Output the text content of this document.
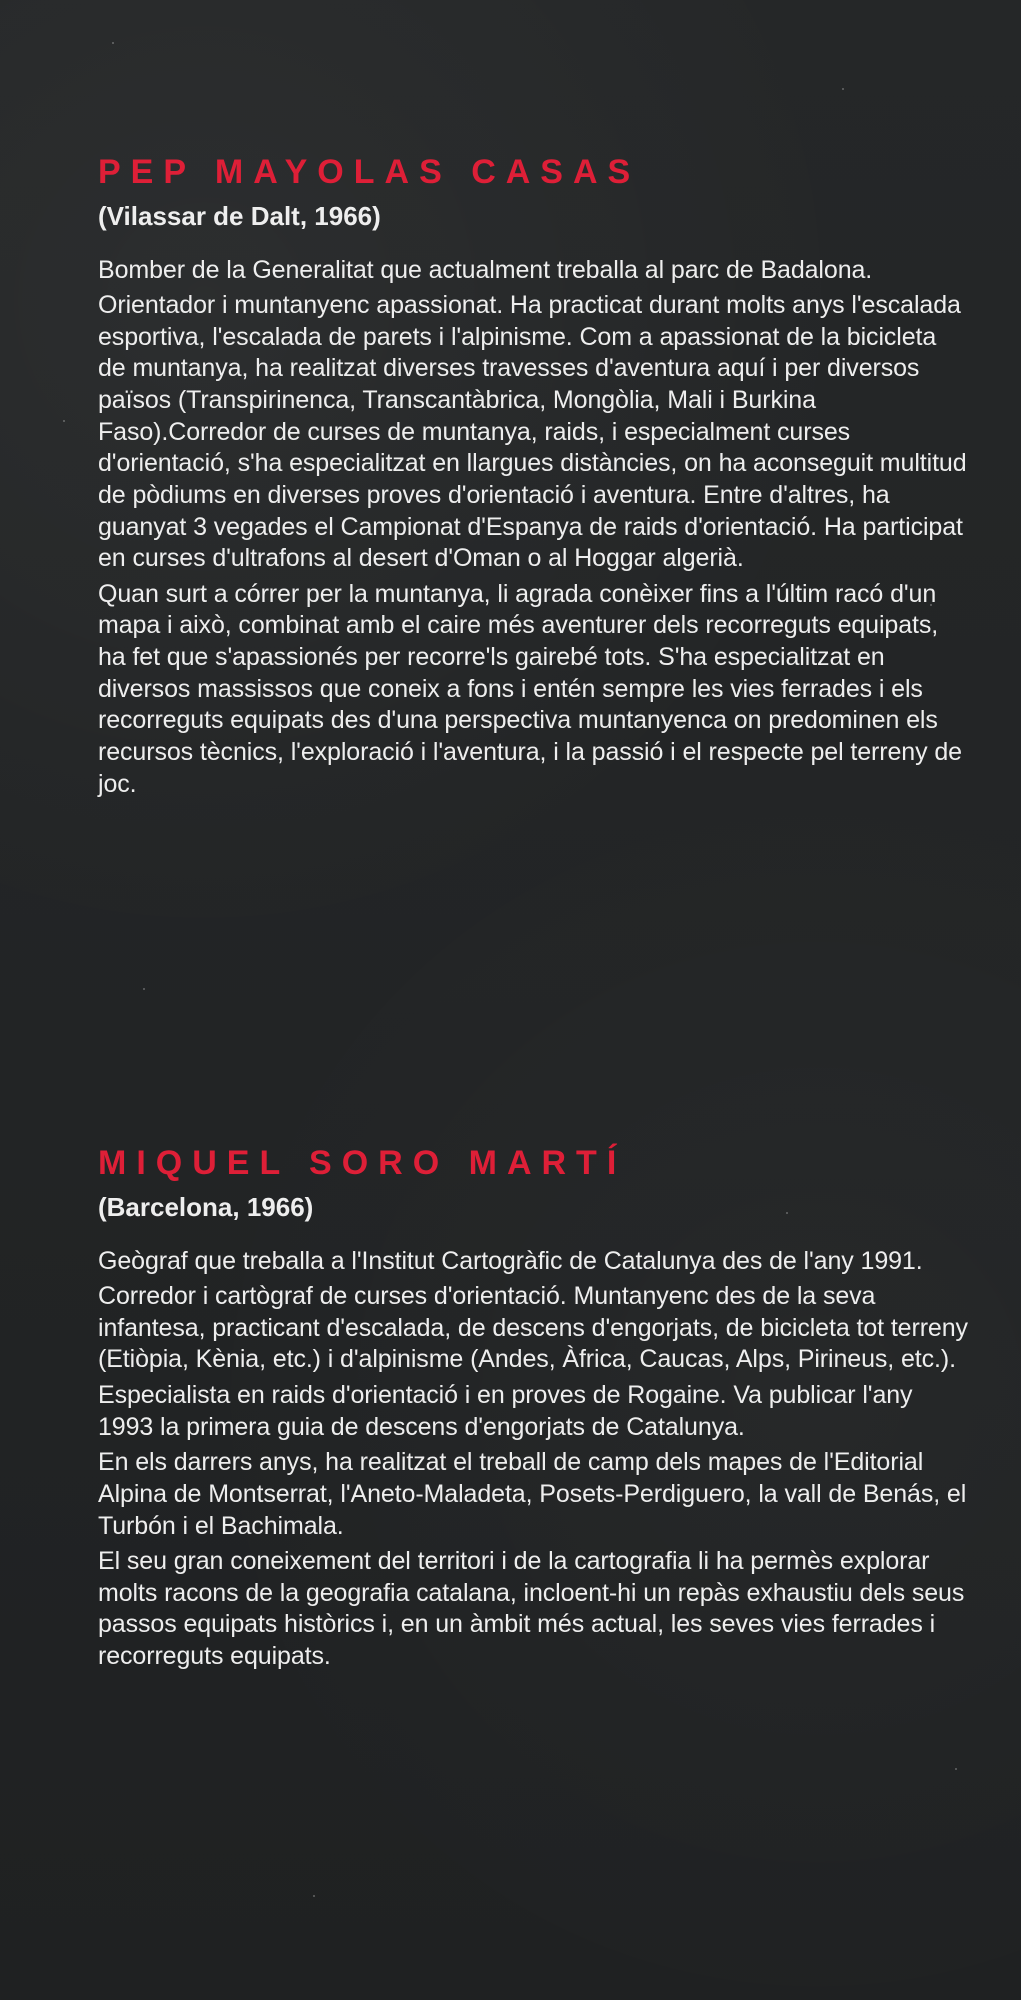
PEP MAYOLAS CASAS
(Vilassar de Dalt, 1966)

Bomber de la Generalitat que actualment treballa al parc de Badalona.

Orientador i muntanyenc apassionat. Ha practicat durant molts anys l'escalada esportiva, l'escalada de parets i l'alpinisme. Com a apassionat de la bicicleta de muntanya, ha realitzat diverses travesses d'aventura aquí i per diversos països (Transpirinenca, Transcantàbrica, Mongòlia, Mali i Burkina Faso).Corredor de curses de muntanya, raids, i especialment curses d'orientació, s'ha especialitzat en llargues distàncies, on ha aconseguit multitud de pòdiums en diverses proves d'orientació i aventura. Entre d'altres, ha guanyat 3 vegades el Campionat d'Espanya de raids d'orientació. Ha participat en curses d'ultrafons al desert d'Oman o al Hoggar algerià.

Quan surt a córrer per la muntanya, li agrada conèixer fins a l'últim racó d'un mapa i això, combinat amb el caire més aventurer dels recorreguts equipats, ha fet que s'apassionés per recorre'ls gairebé tots. S'ha especialitzat en diversos massissos que coneix a fons i entén sempre les vies ferrades i els recorreguts equipats des d'una perspectiva muntanyenca on predominen els recursos tècnics, l'exploració i l'aventura, i la passió i el respecte pel terreny de joc.

MIQUEL SORO MARTÍ
(Barcelona, 1966)

Geògraf que treballa a l'Institut Cartogràfic de Catalunya des de l'any 1991.

Corredor i cartògraf de curses d'orientació. Muntanyenc des de la seva infantesa, practicant d'escalada, de descens d'engorjats, de bicicleta tot terreny (Etiòpia, Kènia, etc.) i d'alpinisme (Andes, Àfrica, Caucas, Alps, Pirineus, etc.).

Especialista en raids d'orientació i en proves de Rogaine. Va publicar l'any 1993 la primera guia de descens d'engorjats de Catalunya.

En els darrers anys, ha realitzat el treball de camp dels mapes de l'Editorial Alpina de Montserrat, l'Aneto-Maladeta, Posets-Perdiguero, la vall de Benás, el Turbón i el Bachimala.

El seu gran coneixement del territori i de la cartografia li ha permès explorar molts racons de la geografia catalana, incloent-hi un repàs exhaustiu dels seus passos equipats històrics i, en un àmbit més actual, les seves vies ferrades i recorreguts equipats.
